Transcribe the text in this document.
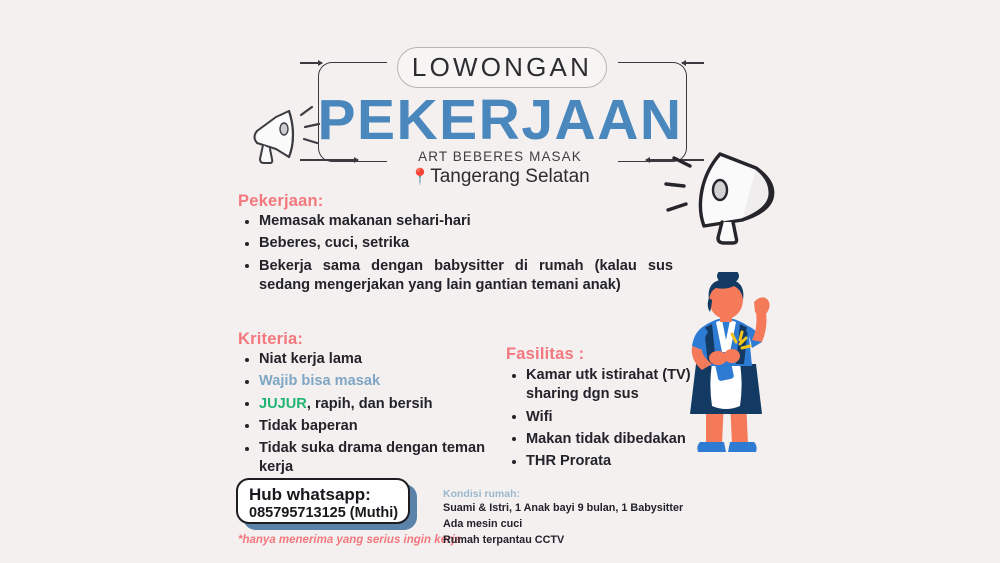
LOWONGAN
PEKERJAAN
ART BEBERES MASAK
📍Tangerang Selatan
Pekerjaan:
Memasak makanan sehari-hari
Beberes, cuci, setrika
Bekerja sama dengan babysitter di rumah (kalau sus sedang mengerjakan yang lain gantian temani anak)
Kriteria:
Niat kerja lama
Wajib bisa masak
JUJUR, rapih, dan bersih
Tidak baperan
Tidak suka drama dengan teman kerja
Fasilitas :
Kamar utk istirahat (TV) sharing dgn sus
Wifi
Makan tidak dibedakan
THR Prorata
Hub whatsapp:
085795713125 (Muthi)
*hanya menerima yang serius ingin kerja
Kondisi rumah:
Suami & Istri, 1 Anak bayi 9 bulan, 1 Babysitter
Ada mesin cuci
Rumah terpantau CCTV
